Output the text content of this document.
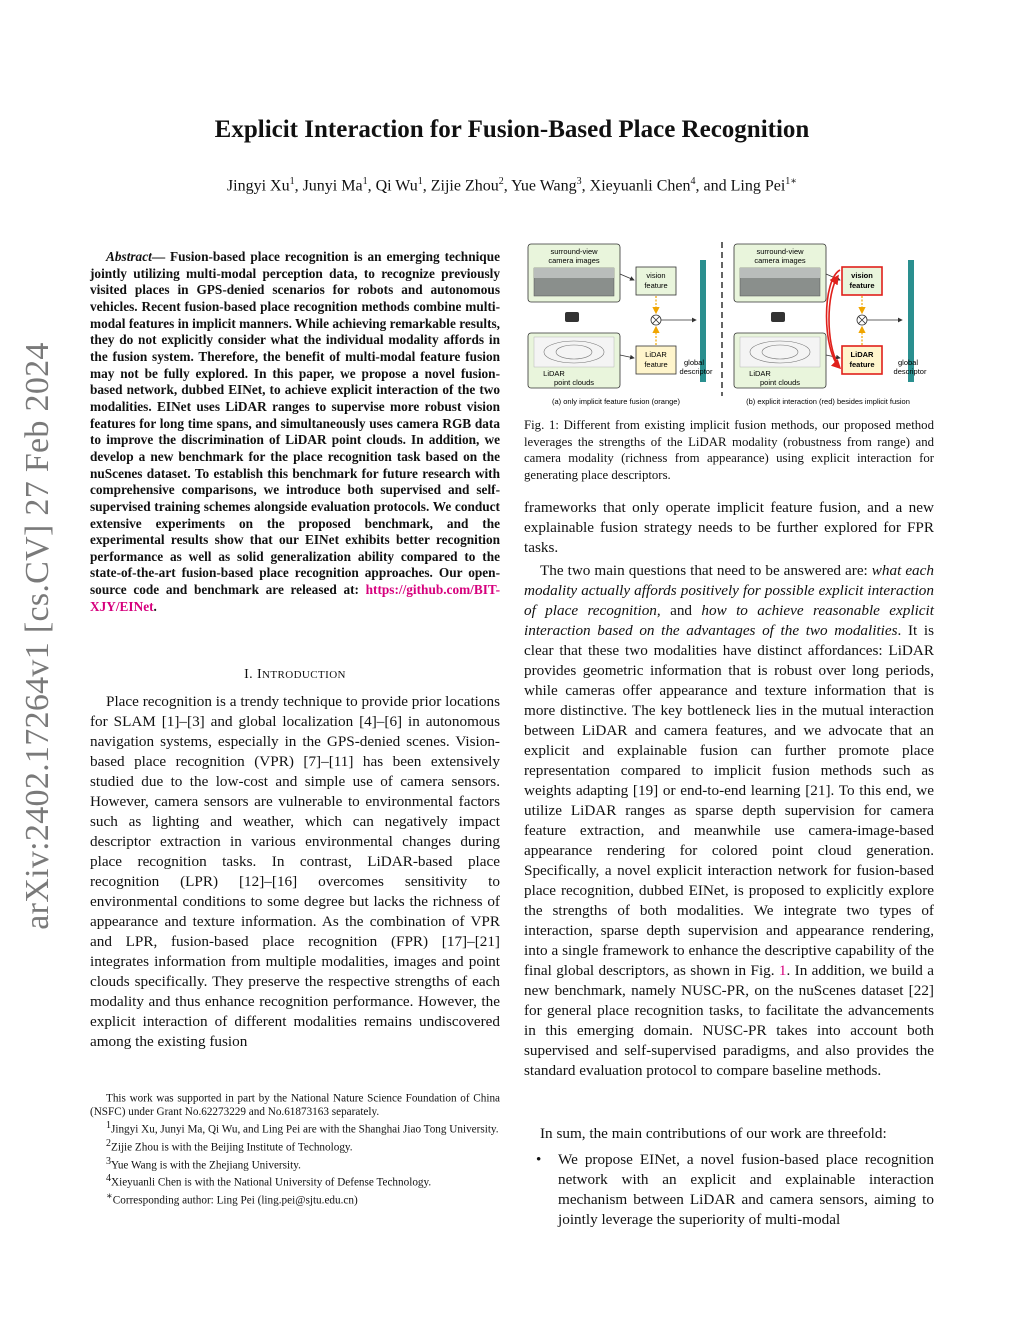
arXiv:2402.17264v1 [cs.CV] 27 Feb 2024
Explicit Interaction for Fusion-Based Place Recognition
Jingyi Xu$^1$, Junyi Ma$^1$, Qi Wu$^1$, Zijie Zhou$^2$, Yue Wang$^3$, Xieyuanli Chen$^4$, and Ling Pei$^{1∗}$

Abstract— Fusion-based place recognition is an emerging technique jointly utilizing multi-modal perception data, to recognize previously visited places in GPS-denied scenarios for robots and autonomous vehicles. Recent fusion-based place recognition methods combine multi-modal features in implicit manners. While achieving remarkable results, they do not explicitly consider what the individual modality affords in the fusion system. Therefore, the benefit of multi-modal feature fusion may not be fully explored. In this paper, we propose a novel fusion-based network, dubbed EINet, to achieve explicit interaction of the two modalities. EINet uses LiDAR ranges to supervise more robust vision features for long time spans, and simultaneously uses camera RGB data to improve the discrimination of LiDAR point clouds. In addition, we develop a new benchmark for the place recognition task based on the nuScenes dataset. To establish this benchmark for future research with comprehensive comparisons, we introduce both supervised and self-supervised training schemes alongside evaluation protocols. We conduct extensive experiments on the proposed benchmark, and the experimental results show that our EINet exhibits better recognition performance as well as solid generalization ability compared to the state-of-the-art fusion-based place recognition approaches. Our open-source code and benchmark are released at: https://github.com/BIT-XJY/EINet.

I. INTRODUCTION

Place recognition is a trendy technique to provide prior locations for SLAM [1]–[3] and global localization [4]–[6] in autonomous navigation systems, especially in the GPS-denied scenes. Vision-based place recognition (VPR) [7]–[11] has been extensively studied due to the low-cost and simple use of camera sensors. However, camera sensors are vulnerable to environmental factors such as lighting and weather, which can negatively impact descriptor extraction in various environmental changes during place recognition tasks. In contrast, LiDAR-based place recognition (LPR) [12]–[16] overcomes sensitivity to environmental conditions to some degree but lacks the richness of appearance and texture information. As the combination of VPR and LPR, fusion-based place recognition (FPR) [17]–[21] integrates information from multiple modalities, images and point clouds specifically. They preserve the respective strengths of each modality and thus enhance recognition performance. However, the explicit interaction of different modalities remains undiscovered among the existing fusion

This work was supported in part by the National Nature Science Foundation of China (NSFC) under Grant No.62273229 and No.61873163 separately.
$^1$Jingyi Xu, Junyi Ma, Qi Wu, and Ling Pei are with the Shanghai Jiao Tong University.
$^2$Zijie Zhou is with the Beijing Institute of Technology.
$^3$Yue Wang is with the Zhejiang University.
$^4$Xieyuanli Chen is with the National University of Defense Technology.
∗Corresponding author: Ling Pei (ling.pei@sjtu.edu.cn)
surround-view
camera images
LiDAR
point clouds
vision
feature
LiDAR
feature global
descriptor
(a) only implicit feature fusion (orange)
surround-view
camera images
LiDAR
point clouds
vision
feature
LiDAR
feature	global
descriptor
(b) explicit interaction (red) besides implicit fusion

Fig. 1: Different from existing implicit fusion methods, our proposed method leverages the strengths of the LiDAR modality (robustness from range) and camera modality (richness from appearance) using explicit interaction for generating place descriptors.

frameworks that only operate implicit feature fusion, and a new explainable fusion strategy needs to be further explored for FPR tasks.

The two main questions that need to be answered are: what each modality actually affords positively for possible explicit interaction of place recognition, and how to achieve reasonable explicit interaction based on the advantages of the two modalities. It is clear that these two modalities have distinct affordances: LiDAR provides geometric information that is robust over long periods, while cameras offer appearance and texture information that is more distinctive. The key bottleneck lies in the mutual interaction between LiDAR and camera features, and we advocate that an explicit and explainable fusion can further promote place representation compared to implicit fusion methods such as weights adapting [19] or end-to-end learning [21]. To this end, we utilize LiDAR ranges as sparse depth supervision for camera feature extraction, and meanwhile use camera-image-based appearance rendering for colored point cloud generation. Specifically, a novel explicit interaction network for fusion-based place recognition, dubbed EINet, is proposed to explicitly explore the strengths of both modalities. We integrate two types of interaction, sparse depth supervision and appearance rendering, into a single framework to enhance the descriptive capability of the final global descriptors, as shown in Fig. 1. In addition, we build a new benchmark, namely NUSC-PR, on the nuScenes dataset [22] for general place recognition tasks, to facilitate the advancements in this emerging domain. NUSC-PR takes into account both supervised and self-supervised paradigms, and also provides the standard evaluation protocol to compare baseline methods.

In sum, the main contributions of our work are threefold:

• We propose EINet, a novel fusion-based place recognition network with an explicit and explainable interaction mechanism between LiDAR and camera sensors, aiming to jointly leverage the superiority of multi-modal
